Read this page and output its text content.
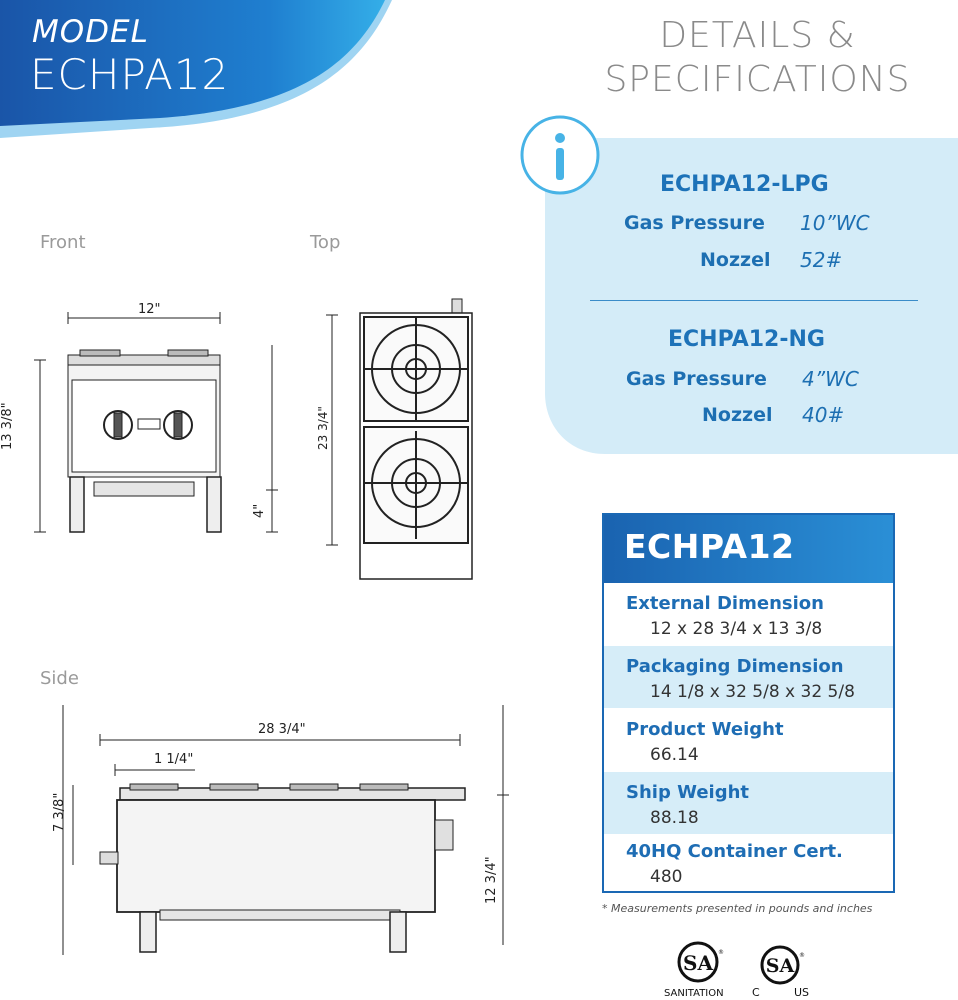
MODEL
ECHPA12
DETAILS &
SPECIFICATIONS
ECHPA12-LPG
Gas Pressure 10”WC
Nozzel 52#
ECHPA12-NG
Gas Pressure 4”WC
Nozzel 40#
Front	Top
Side
12"
13 3/8"
4"
23 3/4"
28 3/4"
1 1/4"
7 3/8"
12 3/4"
ECHPA12
External Dimension
12 x 28 3/4 x 13 3/8
Packaging Dimension
14 1/8 x 32 5/8 x 32 5/8
Product Weight
66.14
Ship Weight
88.18
40HQ Container Cert.
480
* Measurements presented in pounds and inches
SA ®
SANITATION
SA ®
C	US
